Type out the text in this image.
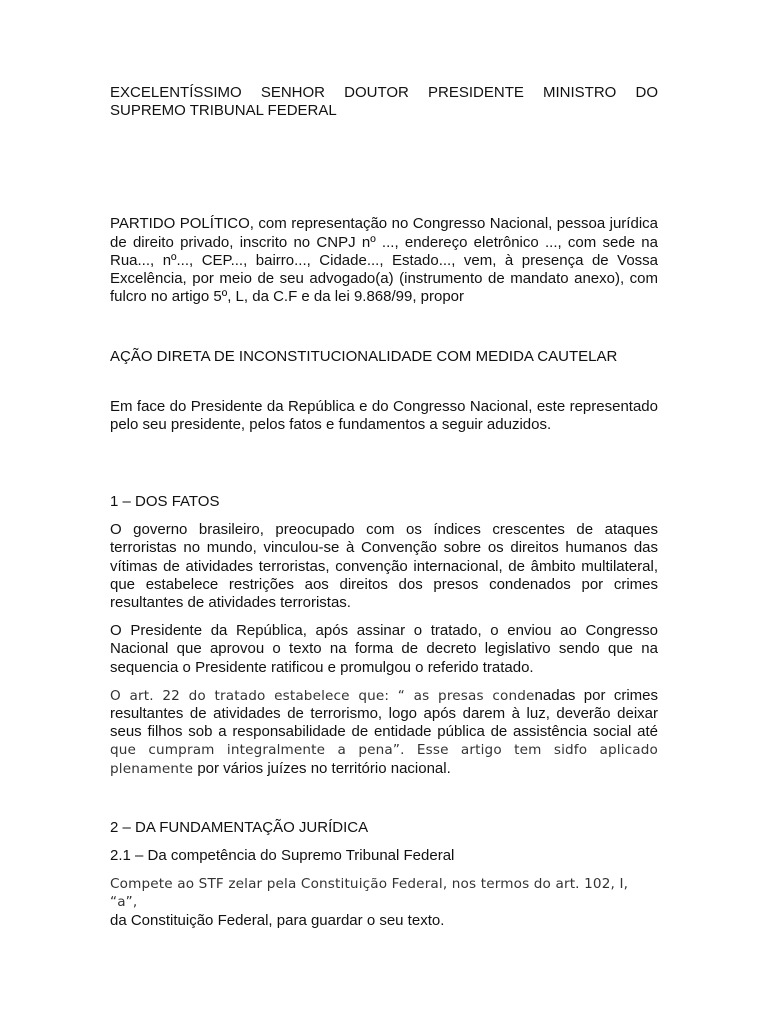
EXCELENTÍSSIMO SENHOR DOUTOR PRESIDENTE MINISTRO DO SUPREMO TRIBUNAL FEDERAL

PARTIDO POLÍTICO, com representação no Congresso Nacional, pessoa jurídica de direito privado, inscrito no CNPJ nº ..., endereço eletrônico ..., com sede na Rua..., nº..., CEP..., bairro..., Cidade..., Estado..., vem, à presença de Vossa Excelência, por meio de seu advogado(a) (instrumento de mandato anexo), com fulcro no artigo 5º, L, da C.F e da lei 9.868/99, propor

AÇÃO DIRETA DE INCONSTITUCIONALIDADE COM MEDIDA CAUTELAR

Em face do Presidente da República e do Congresso Nacional, este representado pelo seu presidente, pelos fatos e fundamentos a seguir aduzidos.

1 – DOS FATOS

O governo brasileiro, preocupado com os índices crescentes de ataques terroristas no mundo, vinculou-se à Convenção sobre os direitos humanos das vítimas de atividades terroristas, convenção internacional, de âmbito multilateral, que estabelece restrições aos direitos dos presos condenados por crimes resultantes de atividades terroristas.

O Presidente da República, após assinar o tratado, o enviou ao Congresso Nacional que aprovou o texto na forma de decreto legislativo sendo que na sequencia o Presidente ratificou e promulgou o referido tratado.

O art. 22 do tratado estabelece que: “ as presas condenadas por crimes resultantes de atividades de terrorismo, logo após darem à luz, deverão deixar seus filhos sob a responsabilidade de entidade pública de assistência social até que cumpram integralmente a pena”. Esse artigo tem sidfo aplicado plenamente por vários juízes no território nacional.

2 – DA FUNDAMENTAÇÃO JURÍDICA

2.1 – Da competência do Supremo Tribunal Federal

Compete ao STF zelar pela Constituição Federal, nos termos do art. 102, I, “a”,
da Constituição Federal, para guardar o seu texto.
